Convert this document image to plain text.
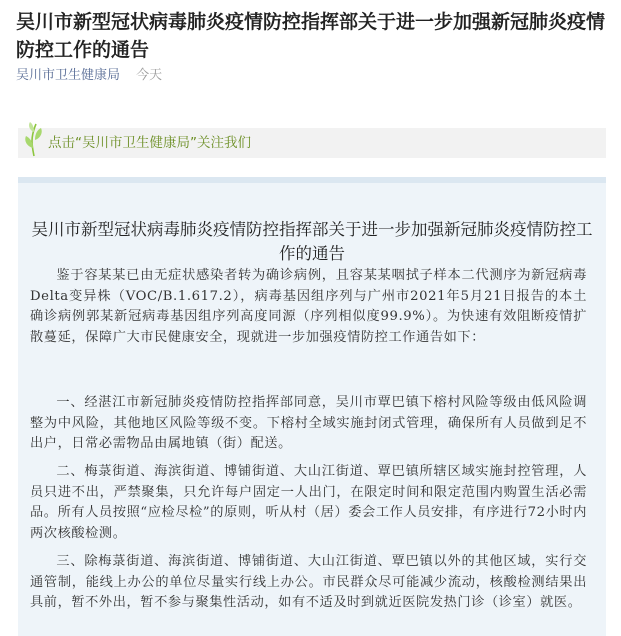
吴川市新型冠状病毒肺炎疫情防控指挥部关于进一步加强新冠肺炎疫情防控工作的通告
吴川市卫生健康局 今天
点击“吴川市卫生健康局”关注我们
吴川市新型冠状病毒肺炎疫情防控指挥部关于进一步加强新冠肺炎疫情防控工作的通告
鉴于容某某已由无症状感染者转为确诊病例，且容某某咽拭子样本二代测序为新冠病毒Delta变异株（VOC/B.1.617.2），病毒基因组序列与广州市2021年5月21日报告的本土确诊病例郭某新冠病毒基因组序列高度同源（序列相似度99.9%）。为快速有效阻断疫情扩散蔓延，保障广大市民健康安全，现就进一步加强疫情防控工作通告如下：
一、经湛江市新冠肺炎疫情防控指挥部同意，吴川市覃巴镇下榕村风险等级由低风险调整为中风险，其他地区风险等级不变。下榕村全域实施封闭式管理，确保所有人员做到足不出户，日常必需物品由属地镇（街）配送。
二、梅菉街道、海滨街道、博铺街道、大山江街道、覃巴镇所辖区域实施封控管理，人员只进不出，严禁聚集，只允许每户固定一人出门，在限定时间和限定范围内购置生活必需品。所有人员按照“应检尽检”的原则，听从村（居）委会工作人员安排，有序进行72小时内两次核酸检测。
三、除梅菉街道、海滨街道、博铺街道、大山江街道、覃巴镇以外的其他区域，实行交通管制，能线上办公的单位尽量实行线上办公。市民群众尽可能减少流动，核酸检测结果出具前，暂不外出，暂不参与聚集性活动，如有不适及时到就近医院发热门诊（诊室）就医。
